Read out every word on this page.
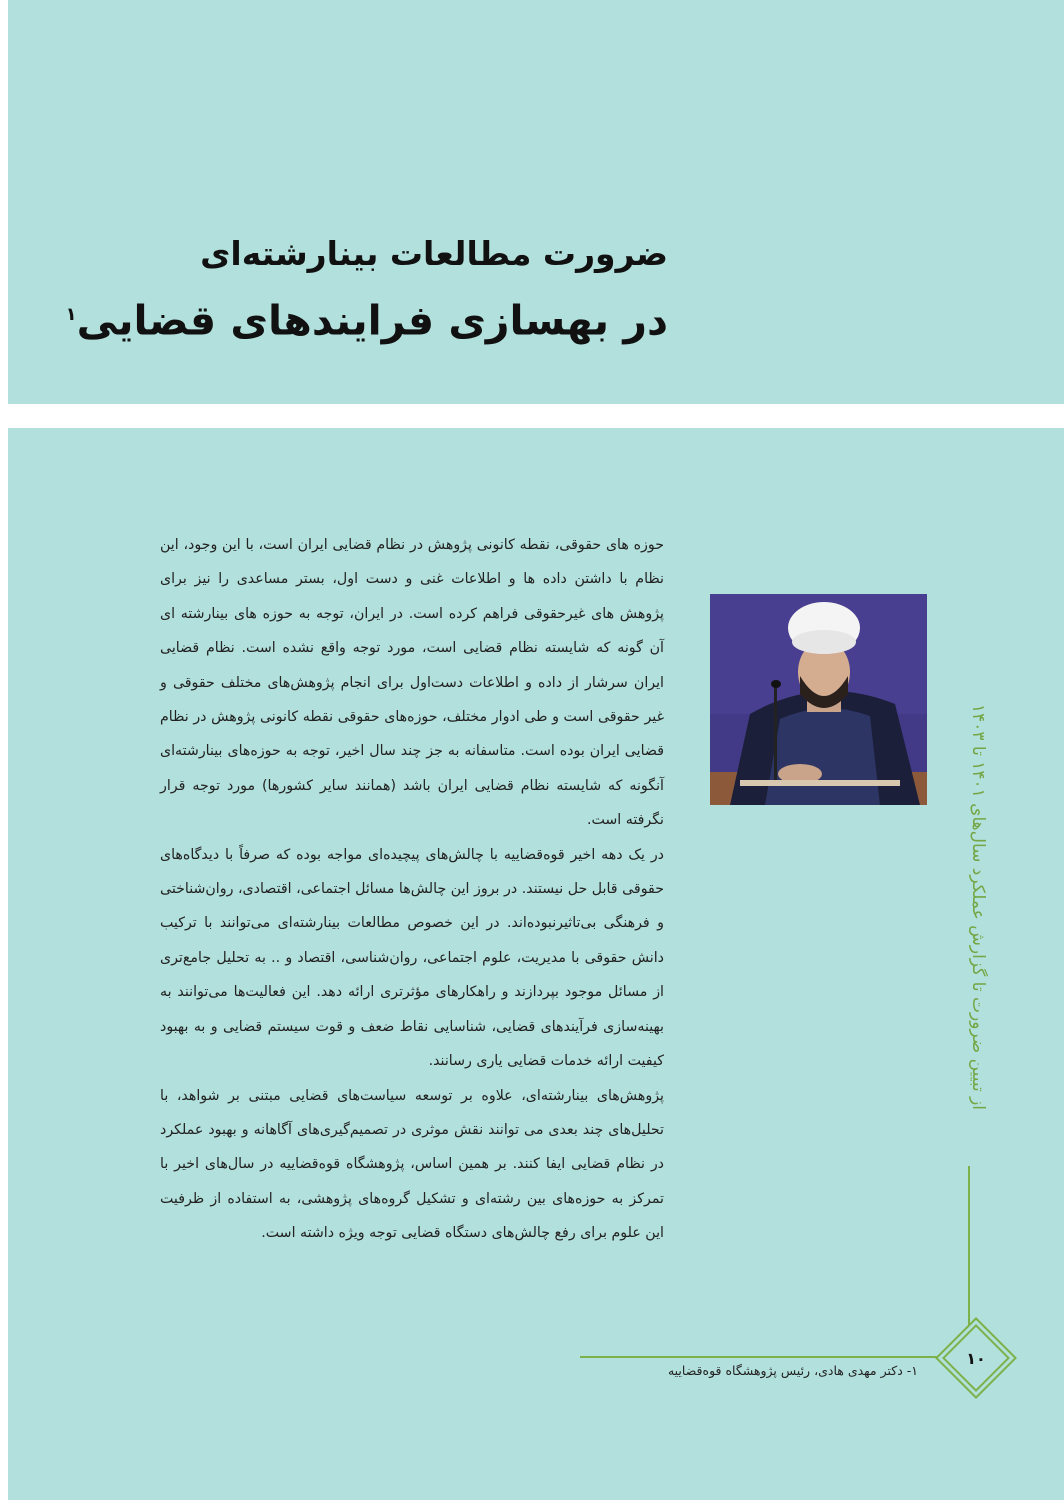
ضرورت مطالعات بینارشته‌ای
در بهسازی فرایندهای قضایی$^۱$

حوزه های حقوقی، نقطه کانونی پژوهش در نظام قضایی ایران است، با این وجود، این نظام با داشتن داده ها و اطلاعات غنی و دست اول، بستر مساعدی را نیز برای پژوهش های غیرحقوقی فراهم کرده است. در ایران، توجه به حوزه های بینارشته ای آن گونه که شایسته نظام قضایی است، مورد توجه واقع نشده است. نظام قضایی ایران سرشار از داده و اطلاعات دست‌اول برای انجام پژوهش‌های مختلف حقوقی و غیر حقوقی است و طی ادوار مختلف، حوزه‌های حقوقی نقطه کانونی پژوهش در نظام قضایی ایران بوده است. متاسفانه به جز چند سال اخیر، توجه به حوزه‌های بینارشته‌ای آنگونه که شایسته نظام قضایی ایران باشد (همانند سایر کشورها) مورد توجه قرار نگرفته است.

در یک دهه اخیر قوه‌قضاییه با چالش‌های پیچیده‌ای مواجه بوده که صرفاً با دیدگاه‌های حقوقی قابل حل نیستند. در بروز این چالش‌ها مسائل اجتماعی، اقتصادی، روان‌شناختی و فرهنگی بی‌تاثیرنبوده‌اند. در این خصوص مطالعات بینارشته‌ای می‌توانند با ترکیب دانش حقوقی با مدیریت، علوم اجتماعی، روان‌شناسی، اقتصاد و .. به تحلیل جامع‌تری از مسائل موجود بپردازند و راهکارهای مؤثرتری ارائه دهد. این فعالیت‌ها می‌توانند به بهینه‌سازی فرآیندهای قضایی، شناسایی نقاط ضعف و قوت سیستم قضایی و به بهبود کیفیت ارائه خدمات قضایی یاری رسانند.

پژوهش‌های بینارشته‌ای، علاوه بر توسعه سیاست‌های قضایی مبتنی بر شواهد، با تحلیل‌های چند بعدی می توانند نقش موثری در تصمیم‌گیری‌های آگاهانه و بهبود عملکرد در نظام قضایی ایفا کنند. بر همین اساس، پژوهشگاه قوه‌قضاییه در سال‌های اخیر با تمرکز به حوزه‌های بین رشته‌ای و تشکیل گروه‌های پژوهشی، به استفاده از ظرفیت این علوم برای رفع چالش‌های دستگاه قضایی توجه ویژه داشته است.

از تبیین ضرورت تا گزارش عملکرد سال‌های ۱۴۰۱ تا ۱۴۰۳
۱۰
۱- دکتر مهدی هادی، رئیس پژوهشگاه قوه‌قضاییه
